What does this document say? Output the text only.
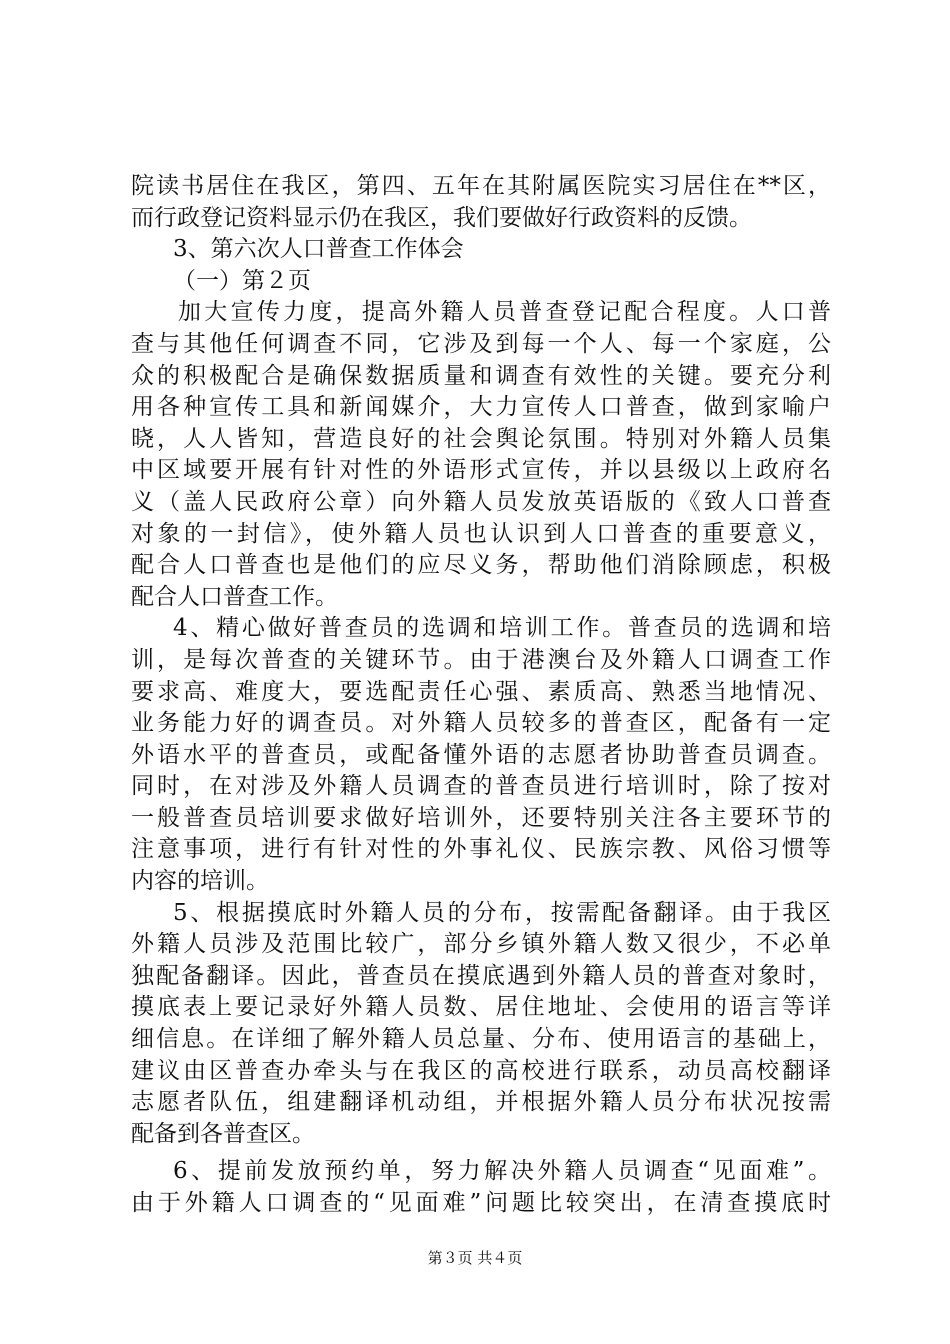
院读书居住在我区，第四、五年在其附属医院实习居住在**区，
而行政登记资料显示仍在我区，我们要做好行政资料的反馈。
3、第六次人口普查工作体会
（一）第２页
加大宣传力度，提高外籍人员普查登记配合程度。人口普
查与其他任何调查不同，它涉及到每一个人、每一个家庭，公
众的积极配合是确保数据质量和调查有效性的关键。要充分利
用各种宣传工具和新闻媒介，大力宣传人口普查，做到家喻户
晓，人人皆知，营造良好的社会舆论氛围。特别对外籍人员集
中区域要开展有针对性的外语形式宣传，并以县级以上政府名
义（盖人民政府公章）向外籍人员发放英语版的《致人口普查
对象的一封信》，使外籍人员也认识到人口普查的重要意义，
配合人口普查也是他们的应尽义务，帮助他们消除顾虑，积极
配合人口普查工作。
4、精心做好普查员的选调和培训工作。普查员的选调和培
训，是每次普查的关键环节。由于港澳台及外籍人口调查工作
要求高、难度大，要选配责任心强、素质高、熟悉当地情况、
业务能力好的调查员。对外籍人员较多的普查区，配备有一定
外语水平的普查员，或配备懂外语的志愿者协助普查员调查。
同时，在对涉及外籍人员调查的普查员进行培训时，除了按对
一般普查员培训要求做好培训外，还要特别关注各主要环节的
注意事项，进行有针对性的外事礼仪、民族宗教、风俗习惯等
内容的培训。
5、根据摸底时外籍人员的分布，按需配备翻译。由于我区
外籍人员涉及范围比较广，部分乡镇外籍人数又很少，不必单
独配备翻译。因此，普查员在摸底遇到外籍人员的普查对象时，
摸底表上要记录好外籍人员数、居住地址、会使用的语言等详
细信息。在详细了解外籍人员总量、分布、使用语言的基础上，
建议由区普查办牵头与在我区的高校进行联系，动员高校翻译
志愿者队伍，组建翻译机动组，并根据外籍人员分布状况按需
配备到各普查区。
6、提前发放预约单，努力解决外籍人员调查“见面难”。
由于外籍人口调查的“见面难”问题比较突出，在清查摸底时
第３页 共４页
